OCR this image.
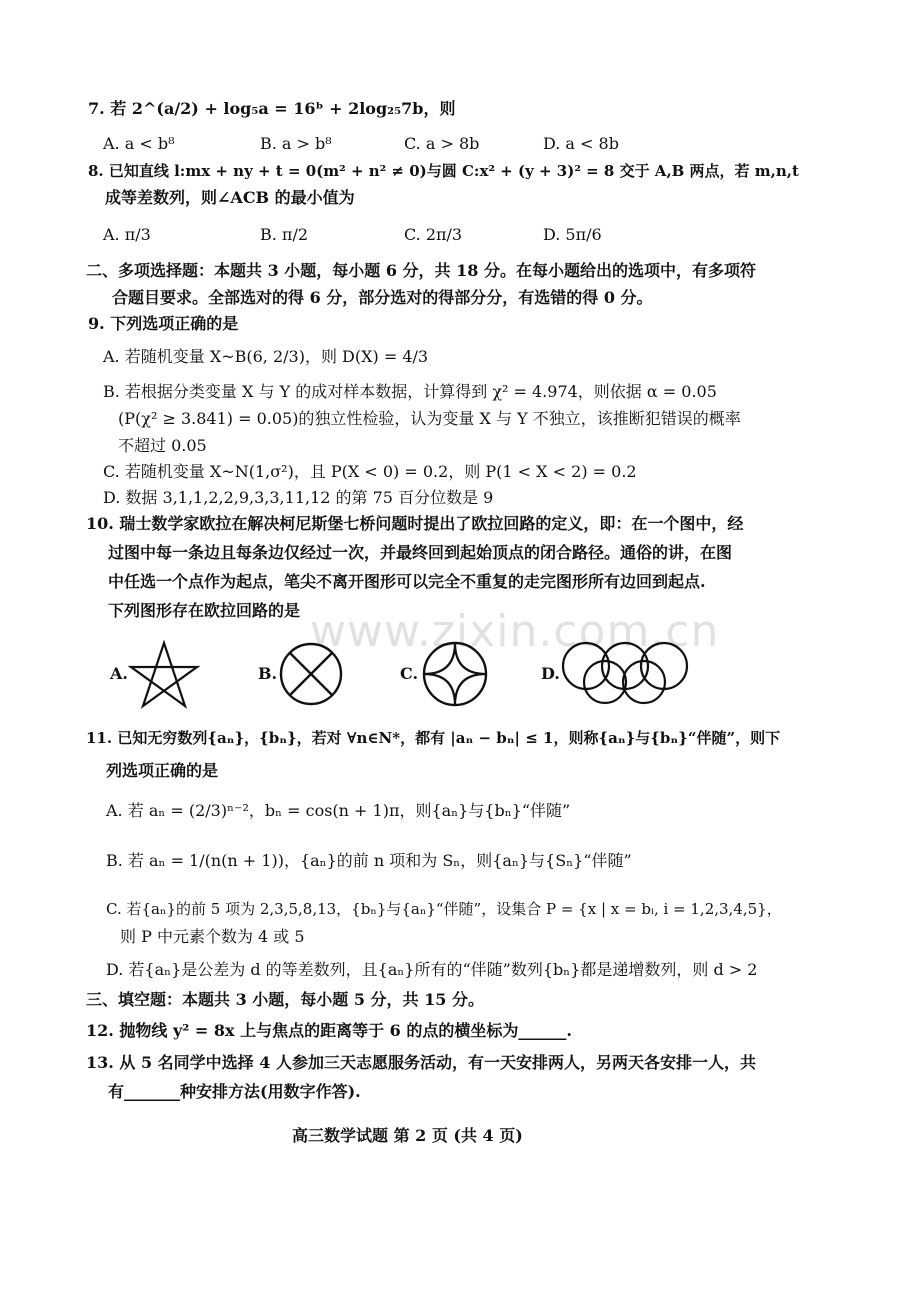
7. 若 2^(a/2) + log₅a = 16ᵇ + 2log₂₅7b，则
A. a < b⁸	B. a > b⁸	C. a > 8b	D. a < 8b
8. 已知直线 l:mx + ny + t = 0(m² + n² ≠ 0)与圆 C:x² + (y + 3)² = 8 交于 A,B 两点，若 m,n,t
成等差数列，则∠ACB 的最小值为
A. π/3	B. π/2	C. 2π/3	D. 5π/6
二、多项选择题：本题共 3 小题，每小题 6 分，共 18 分。在每小题给出的选项中，有多项符
合题目要求。全部选对的得 6 分，部分选对的得部分分，有选错的得 0 分。
9. 下列选项正确的是
A. 若随机变量 X~B(6, 2/3)，则 D(X) = 4/3
B. 若根据分类变量 X 与 Y 的成对样本数据，计算得到 χ² = 4.974，则依据 α = 0.05
(P(χ² ≥ 3.841) = 0.05)的独立性检验，认为变量 X 与 Y 不独立，该推断犯错误的概率
不超过 0.05
C. 若随机变量 X~N(1,σ²)，且 P(X < 0) = 0.2，则 P(1 < X < 2) = 0.2
D. 数据 3,1,1,2,2,9,3,3,11,12 的第 75 百分位数是 9
10. 瑞士数学家欧拉在解决柯尼斯堡七桥问题时提出了欧拉回路的定义，即：在一个图中，经
过图中每一条边且每条边仅经过一次，并最终回到起始顶点的闭合路径。通俗的讲，在图
中任选一个点作为起点，笔尖不离开图形可以完全不重复的走完图形所有边回到起点.
下列图形存在欧拉回路的是 www.zixin.com.cn
A.	B.	C.	D.
11. 已知无穷数列{aₙ}，{bₙ}，若对 ∀n∈N*，都有 |aₙ − bₙ| ≤ 1，则称{aₙ}与{bₙ}“伴随”，则下
列选项正确的是
A. 若 aₙ = (2/3)ⁿ⁻²，bₙ = cos(n + 1)π，则{aₙ}与{bₙ}“伴随”
B. 若 aₙ = 1/(n(n + 1))，{aₙ}的前 n 项和为 Sₙ，则{aₙ}与{Sₙ}“伴随”
C. 若{aₙ}的前 5 项为 2,3,5,8,13，{bₙ}与{aₙ}“伴随”，设集合 P = {x | x = bᵢ, i = 1,2,3,4,5}，
则 P 中元素个数为 4 或 5
D. 若{aₙ}是公差为 d 的等差数列，且{aₙ}所有的“伴随”数列{bₙ}都是递增数列，则 d > 2
三、填空题：本题共 3 小题，每小题 5 分，共 15 分。
12. 抛物线 y² = 8x 上与焦点的距离等于 6 的点的横坐标为______.
13. 从 5 名同学中选择 4 人参加三天志愿服务活动，有一天安排两人，另两天各安排一人，共
有_______种安排方法(用数字作答).
高三数学试题 第 2 页 (共 4 页)
